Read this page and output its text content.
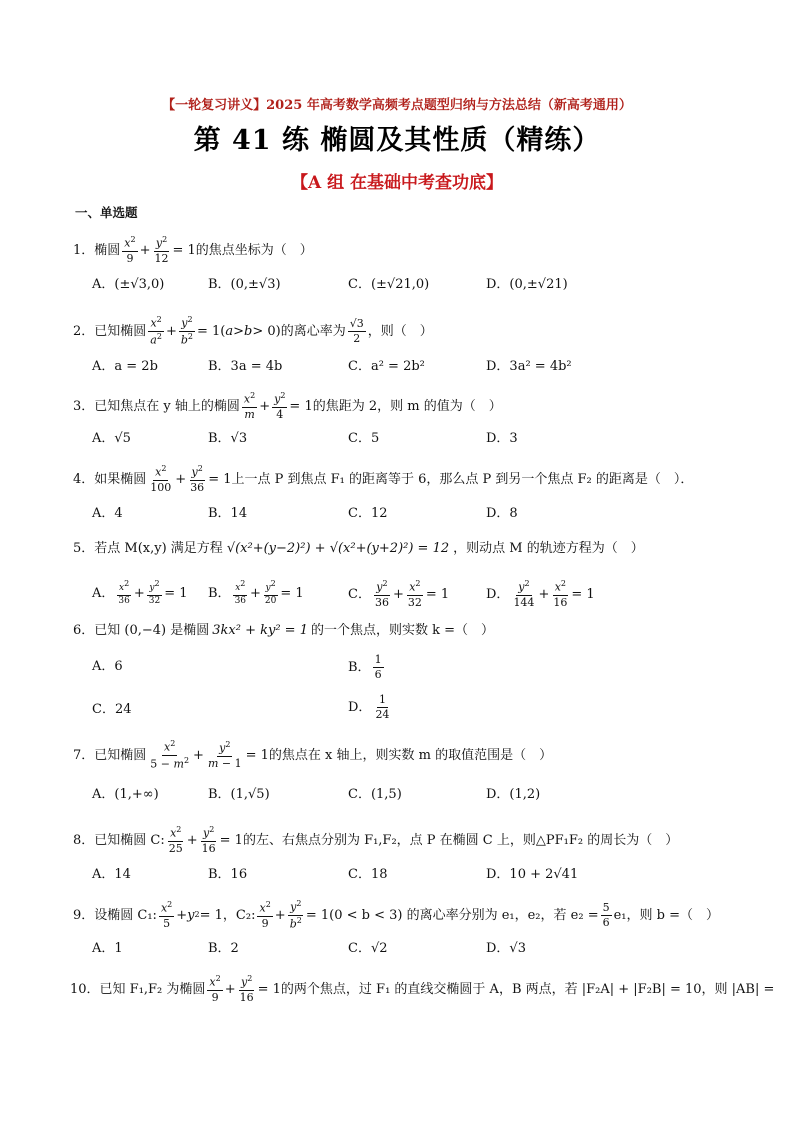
【一轮复习讲义】2025 年高考数学高频考点题型归纳与方法总结（新高考通用）
第 41 练 椭圆及其性质（精练）
【A 组 在基础中考查功底】
一、单选题
1．椭圆 $\frac{x^2}{9} + \frac{y^2}{12} = 1$ 的焦点坐标为（　）
A．(±√3,0)	B．(0,±√3)	C．(±√21,0)	D．(0,±√21)
2．已知椭圆 $\frac{x^2}{a^2} + \frac{y^2}{b^2} = 1$( a > b > 0) 的离心率为 $\frac{√3}{2}$ ，则（　）
A．a = 2b	B．3a = 4b	C．a² = 2b²	D．3a² = 4b²
3．已知焦点在 y 轴上的椭圆 $\frac{x^2}{m} + \frac{y^2}{4} = 1$ 的焦距为 2，则 m 的值为（　）
A．√5	B．√3	C．5	D．3
4．如果椭圆 $\frac{x^2}{100} + \frac{y^2}{36} = 1$ 上一点 P 到焦点 F₁ 的距离等于 6，那么点 P 到另一个焦点 F₂ 的距离是（　）．
A．4	B．14	C．12	D．8
5．若点 M(x,y) 满足方程 √(x²+(y−2)²) + √(x²+(y+2)²) = 12 ，则动点 M 的轨迹方程为（　）
A． $\frac{x^2}{36} + \frac{y^2}{32} = 1$ B． $\frac{x^2}{36} + \frac{y^2}{20} = 1$	C． $\frac{y^2}{36} + \frac{x^2}{32} = 1$	D． $\frac{y^2}{144} + \frac{x^2}{16} = 1$
6．已知 (0,−4) 是椭圆 3kx² + ky² = 1 的一个焦点，则实数 k =（　）
A．6	B． $\frac{1}{6}$
C．24	D． $\frac{1}{24}$
7．已知椭圆 $\frac{x^2}{5 - m^2} + \frac{y^2}{m - 1} = 1$ 的焦点在 x 轴上，则实数 m 的取值范围是（　）
A．(1,+∞)	B．(1,√5)	C．(1,5)	D．(1,2)
8．已知椭圆 C: $\frac{x^2}{25} + \frac{y^2}{16} = 1$ 的左、右焦点分别为 F₁,F₂，点 P 在椭圆 C 上，则△PF₁F₂ 的周长为（　）
A．14	B．16	C．18	D．10 + 2√41
9．设椭圆 C₁: $\frac{x^2}{5} + y$ 2 = 1 ，C₂: $\frac{x^2}{9} + \frac{y^2}{b^2} = 1$ (0 < b < 3) 的离心率分别为 e₁，e₂，若 $e_2 = \frac{5}{6} e_1$，则 b =（　）
A．1	B．2	C．√2	D．√3
10．已知 F₁,F₂ 为椭圆 $\frac{x^2}{9} + \frac{y^2}{16} = 1$ 的两个焦点，过 F₁ 的直线交椭圆于 A，B 两点，若 |F₂A| + |F₂B| = 10，则 |AB| =
